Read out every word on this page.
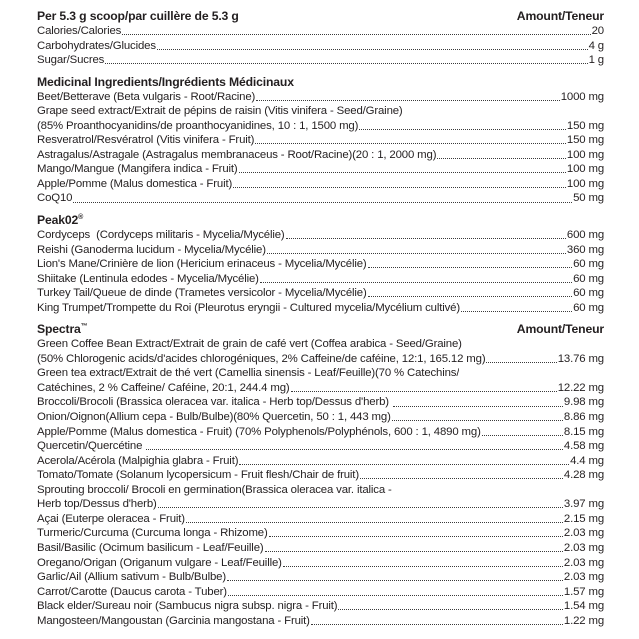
Per 5.3 g scoop/par cuillère de 5.3 g	Amount/Teneur
Calories/Calories	20
Carbohydrates/Glucides	4 g
Sugar/Sucres	1 g
Medicinal Ingredients/Ingrédients Médicinaux
Beet/Betterave (Beta vulgaris - Root/Racine)	1000 mg
Grape seed extract/Extrait de pépins de raisin (Vitis vinifera - Seed/Graine)
(85% Proanthocyanidins/de proanthocyanidines, 10 : 1, 1500 mg)	150 mg
Resveratrol/Resvératrol (Vitis vinifera - Fruit)	150 mg
Astragalus/Astragale (Astragalus membranaceus - Root/Racine)(20 : 1, 2000 mg)	100 mg
Mango/Mangue (Mangifera indica - Fruit)	100 mg
Apple/Pomme (Malus domestica - Fruit)	100 mg
CoQ10	50 mg
Peak02®
Cordyceps  (Cordyceps militaris - Mycelia/Mycélie)	600 mg
Reishi (Ganoderma lucidum - Mycelia/Mycélie)	360 mg
Lion's Mane/Crinière de lion (Hericium erinaceus - Mycelia/Mycélie)	60 mg
Shiitake (Lentinula edodes - Mycelia/Mycélie)	60 mg
Turkey Tail/Queue de dinde (Trametes versicolor - Mycelia/Mycélie)	60 mg
King Trumpet/Trompette du Roi (Pleurotus eryngii - Cultured mycelia/Mycélium cultivé)	60 mg
Spectra™	Amount/Teneur
Green Coffee Bean Extract/Extrait de grain de café vert (Coffea arabica - Seed/Graine)
(50% Chlorogenic acids/d'acides chlorogéniques, 2% Caffeine/de caféine, 12:1, 165.12 mg)	13.76 mg
Green tea extract/Extrait de thé vert (Camellia sinensis - Leaf/Feuille)(70 % Catechins/
Catéchines, 2 % Caffeine/ Caféine, 20:1, 244.4 mg)	12.22 mg
Broccoli/Brocoli (Brassica oleracea var. italica - Herb top/Dessus d'herb)	9.98 mg
Onion/Oignon(Allium cepa - Bulb/Bulbe)(80% Quercetin, 50 : 1, 443 mg)	8.86 mg
Apple/Pomme (Malus domestica - Fruit) (70% Polyphenols/Polyphénols, 600 : 1, 4890 mg)	8.15 mg
Quercetin/Quercétine	4.58 mg
Acerola/Acérola (Malpighia glabra - Fruit)	4.4 mg
Tomato/Tomate (Solanum lycopersicum - Fruit flesh/Chair de fruit)	4.28 mg
Sprouting broccoli/ Brocoli en germination(Brassica oleracea var. italica -
Herb top/Dessus d'herb)	3.97 mg
Açai (Euterpe oleracea - Fruit)	2.15 mg
Turmeric/Curcuma (Curcuma longa - Rhizome)	2.03 mg
Basil/Basilic (Ocimum basilicum - Leaf/Feuille)	2.03 mg
Oregano/Origan (Origanum vulgare - Leaf/Feuille)	2.03 mg
Garlic/Ail (Allium sativum - Bulb/Bulbe)	2.03 mg
Carrot/Carotte (Daucus carota - Tuber)	1.57 mg
Black elder/Sureau noir (Sambucus nigra subsp. nigra - Fruit)	1.54 mg
Mangosteen/Mangoustan (Garcinia mangostana - Fruit)	1.22 mg
